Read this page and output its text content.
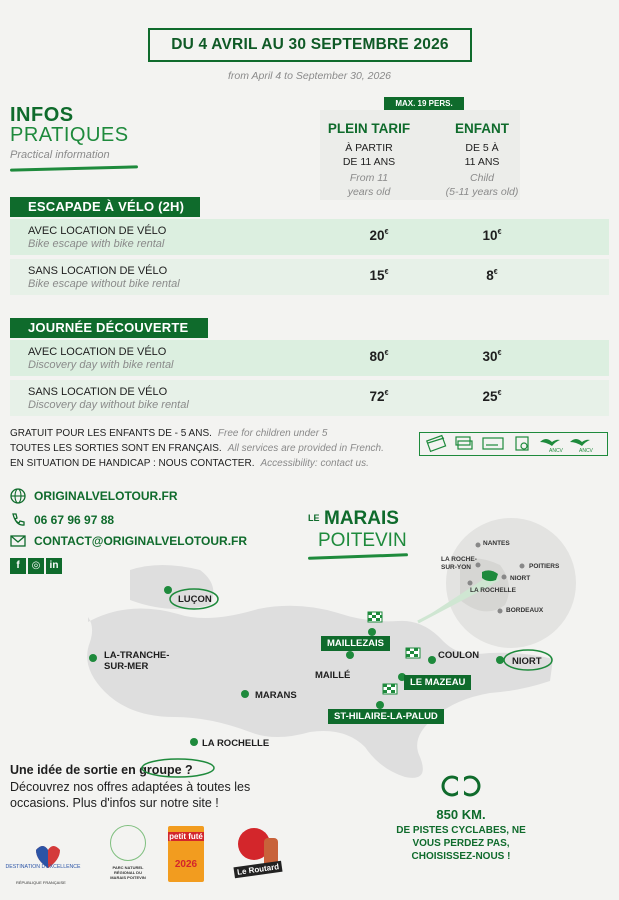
DU 4 AVRIL AU 30 SEPTEMBRE 2026
from April 4 to September 30, 2026
INFOS
PRATIQUES
Practical information
MAX. 19 PERS.
PLEIN TARIF
À PARTIR
DE 11 ANS
From 11
years old
ENFANT
DE 5 À
11 ANS
Child
(5-11 years old)
ESCAPADE À VÉLO (2H)
AVEC LOCATION DE VÉLO
Bike escape with bike rental
20€	10€
SANS LOCATION DE VÉLO
Bike escape without bike rental
15€	8€
JOURNÉE DÉCOUVERTE
AVEC LOCATION DE VÉLO
Discovery day with bike rental
80€	30€
SANS LOCATION DE VÉLO
Discovery day without bike rental
72€	25€
GRATUIT POUR LES ENFANTS DE - 5 ANS. Free for children under 5
TOUTES LES SORTIES SONT EN FRANÇAIS. All services are provided in French.
EN SITUATION DE HANDICAP : NOUS CONTACTER. Accessibility: contact us.
ANCV	ANCV
ORIGINALVELOTOUR.FR
06 67 96 97 88
CONTACT@ORIGINALVELOTOUR.FR
f	◎ in
LE MARAIS
POITEVIN	NANTES
LA ROCHE-
SUR-YON	POITIERS
NIORT
LA ROCHELLE
BORDEAUX
LUÇON
LA-TRANCHE-
SUR-MER
MAILLEZAIS
MAILLÉ
COULON
NIORT
LE MAZEAU
MARANS
ST-HILAIRE-LA-PALUD
LA ROCHELLE
Une idée de sortie en groupe ?
Découvrez nos offres adaptées à toutes les occasions. Plus d'infos sur notre site !
850 KM.
DE PISTES CYCLABES, NE VOUS PERDEZ PAS, CHOISISSEZ-NOUS !
DESTINATION D'EXCELLENCE
RÉPUBLIQUE FRANÇAISE
PARC NATUREL RÉGIONAL DU MARAIS POITEVIN
petit futé
2026	Le Routard
